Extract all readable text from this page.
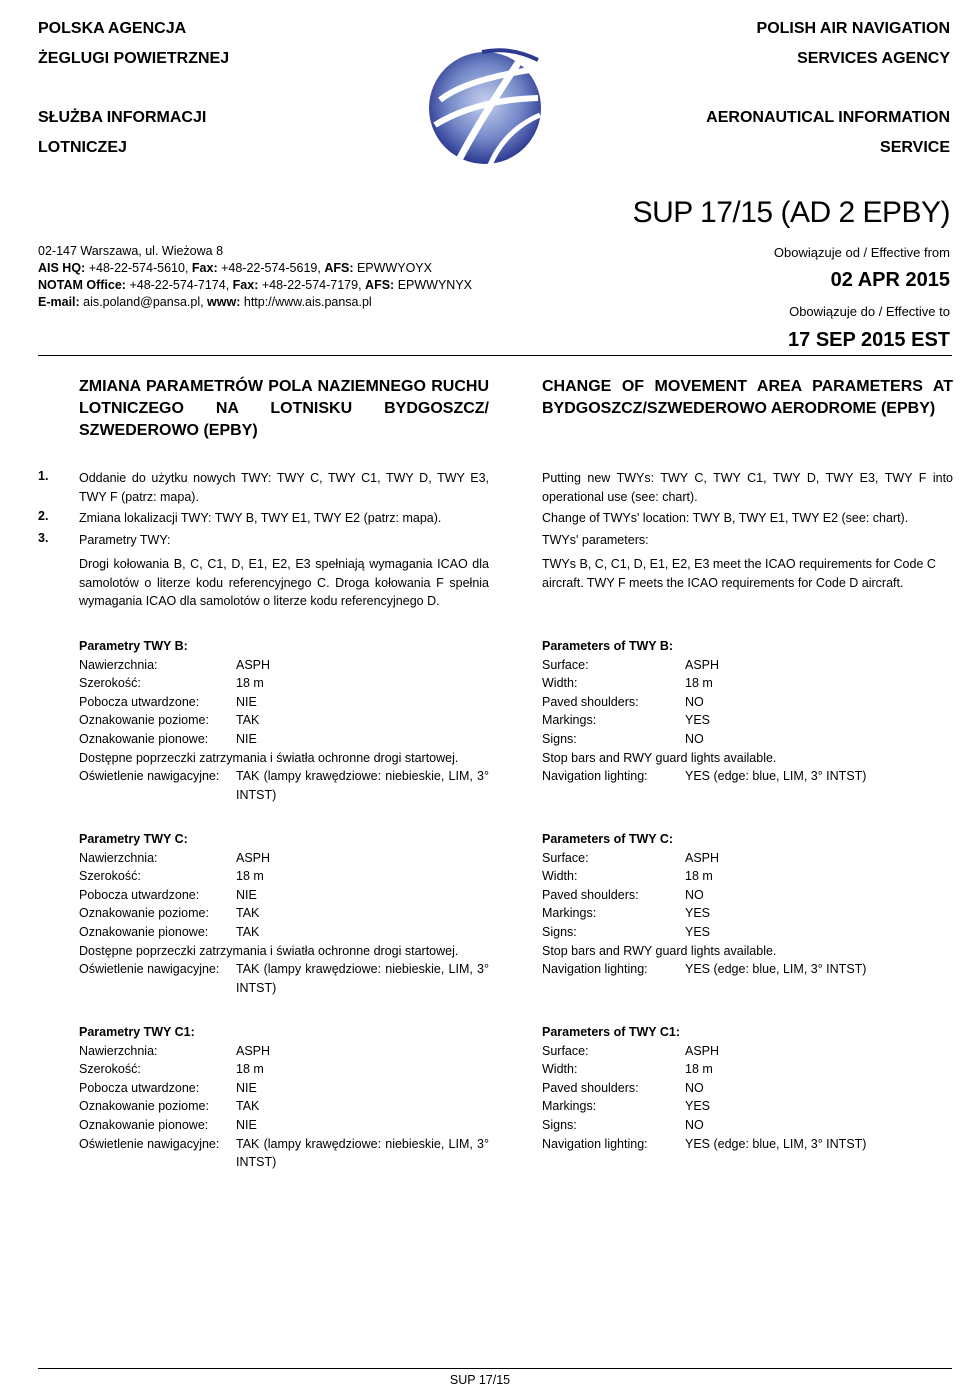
POLSKA AGENCJA
ŻEGLUGI POWIETRZNEJ
SŁUŻBA INFORMACJI
LOTNICZEJ
POLISH AIR NAVIGATION
SERVICES AGENCY
AERONAUTICAL INFORMATION
SERVICE
02-147 Warszawa, ul. Wieżowa 8
AIS HQ: +48-22-574-5610, Fax: +48-22-574-5619, AFS: EPWWYOYX
NOTAM Office: +48-22-574-7174, Fax: +48-22-574-7179, AFS: EPWWYNYX
E-mail: ais.poland@pansa.pl, www: http://www.ais.pansa.pl
SUP 17/15 (AD 2 EPBY)
Obowiązuje od / Effective from
02 APR 2015
Obowiązuje do / Effective to
17 SEP 2015 EST
ZMIANA PARAMETRÓW POLA NAZIEMNEGO RUCHU LOTNICZEGO NA LOTNISKU BYDGOSZCZ/ SZWEDEROWO (EPBY)
CHANGE OF MOVEMENT AREA PARAMETERS AT BYDGOSZCZ/SZWEDEROWO AERODROME (EPBY)
1. Oddanie do użytku nowych TWY: TWY C, TWY C1, TWY D, TWY E3, TWY F (patrz: mapa).
Putting new TWYs: TWY C, TWY C1, TWY D, TWY E3, TWY F into operational use (see: chart).
2. Zmiana lokalizacji TWY: TWY B, TWY E1, TWY E2 (patrz: mapa).	Change of TWYs' location: TWY B, TWY E1, TWY E2 (see: chart).
3. Parametry TWY:	TWYs' parameters:
Drogi kołowania B, C, C1, D, E1, E2, E3 spełniają wymagania ICAO dla samolotów o literze kodu referencyjnego C. Droga kołowania F spełnia wymagania ICAO dla samolotów o literze kodu referencyjnego D.
TWYs B, C, C1, D, E1, E2, E3 meet the ICAO requirements for Code C aircraft. TWY F meets the ICAO requirements for Code D aircraft.
Parametry TWY B:
Nawierzchnia:	ASPH
Szerokość:	18 m
Pobocza utwardzone:	NIE
Oznakowanie poziome:	TAK
Oznakowanie pionowe:	NIE
Dostępne poprzeczki zatrzymania i światła ochronne drogi startowej.
Oświetlenie nawigacyjne:	TAK (lampy krawędziowe: niebieskie, LIM, 3° INTST)
Parameters of TWY B:
Surface:	ASPH
Width:	18 m
Paved shoulders:	NO
Markings:	YES
Signs:	NO
Stop bars and RWY guard lights available.
Navigation lighting:	YES (edge: blue, LIM, 3° INTST)
Parametry TWY C:
Nawierzchnia:	ASPH
Szerokość:	18 m
Pobocza utwardzone:	NIE
Oznakowanie poziome:	TAK
Oznakowanie pionowe:	TAK
Dostępne poprzeczki zatrzymania i światła ochronne drogi startowej.
Oświetlenie nawigacyjne:	TAK (lampy krawędziowe: niebieskie, LIM, 3° INTST)
Parameters of TWY C:
Surface:	ASPH
Width:	18 m
Paved shoulders:	NO
Markings:	YES
Signs:	YES
Stop bars and RWY guard lights available.
Navigation lighting:	YES (edge: blue, LIM, 3° INTST)
Parametry TWY C1:
Nawierzchnia:	ASPH
Szerokość:	18 m
Pobocza utwardzone:	NIE
Oznakowanie poziome:	TAK
Oznakowanie pionowe:	NIE
Oświetlenie nawigacyjne:	TAK (lampy krawędziowe: niebieskie, LIM, 3° INTST)
Parameters of TWY C1:
Surface:	ASPH
Width:	18 m
Paved shoulders:	NO
Markings:	YES
Signs:	NO
Navigation lighting:	YES (edge: blue, LIM, 3° INTST)
SUP 17/15
